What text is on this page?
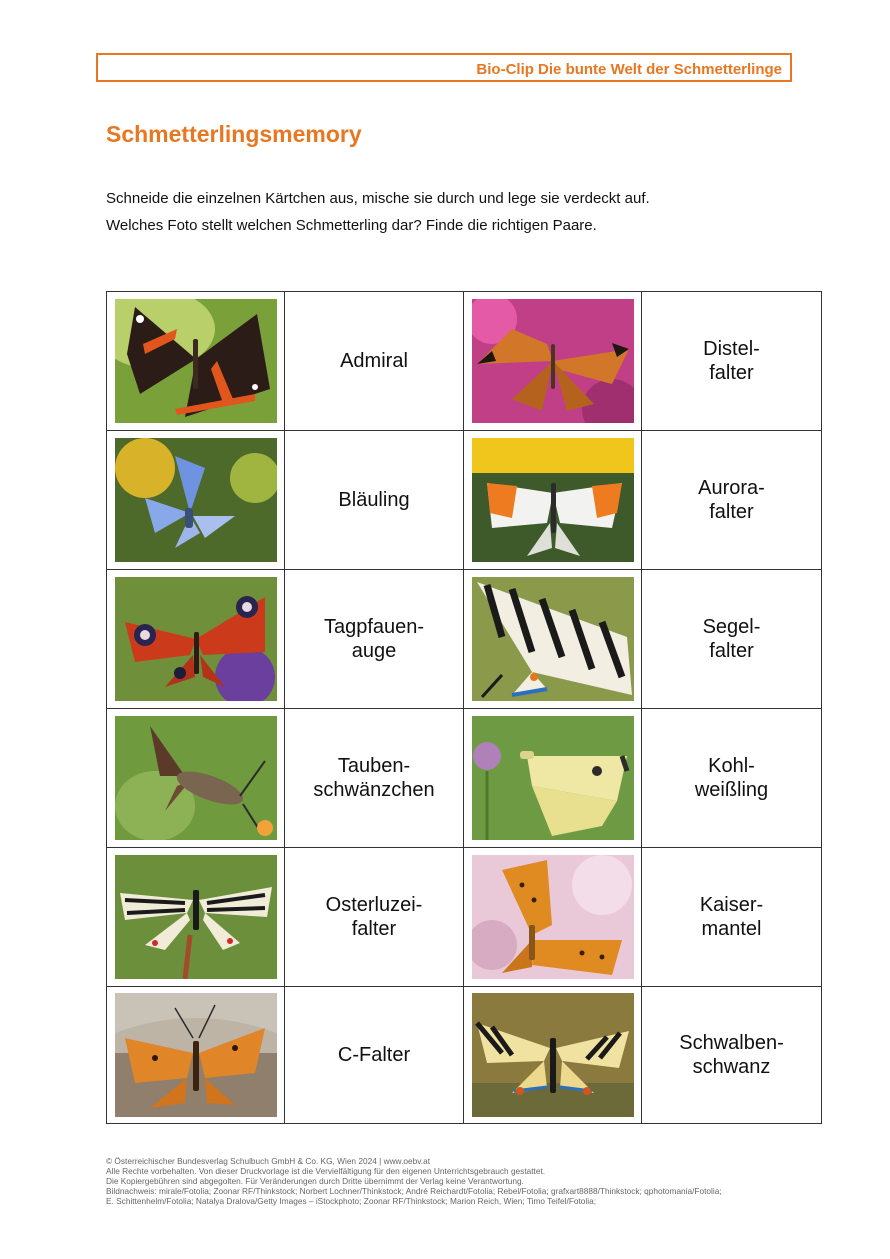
Bio-Clip Die bunte Welt der Schmetterlinge
Schmetterlingsmemory
Schneide die einzelnen Kärtchen aus, mische sie durch und lege sie verdeckt auf.
Welches Foto stellt welchen Schmetterling dar? Finde die richtigen Paare.
	Admiral		Distel-
falter

	Bläuling		Aurora-
falter

	Tagpfauen-
auge		Segel-
falter

	Tauben-
schwänzchen		Kohl-
weißling

	Osterluzei-
falter		Kaiser-
mantel

	C-Falter		Schwalben-
schwanz
© Österreichischer Bundesverlag Schulbuch GmbH & Co. KG, Wien 2024 | www.oebv.at
Alle Rechte vorbehalten. Von dieser Druckvorlage ist die Vervielfältigung für den eigenen Unterrichtsgebrauch gestattet.
Die Kopiergebühren sind abgegolten. Für Veränderungen durch Dritte übernimmt der Verlag keine Verantwortung.
Bildnachweis: mirale/Fotolia; Zoonar RF/Thinkstock; Norbert Lochner/Thinkstock; André Reichardt/Fotolia; Rebel/Fotolia; grafxart8888/Thinkstock; qphotomania/Fotolia;
E. Schittenhelm/Fotolia; Natalya Dralova/Getty Images – iStockphoto; Zoonar RF/Thinkstock; Marion Reich, Wien; Timo Teifel/Fotolia;
